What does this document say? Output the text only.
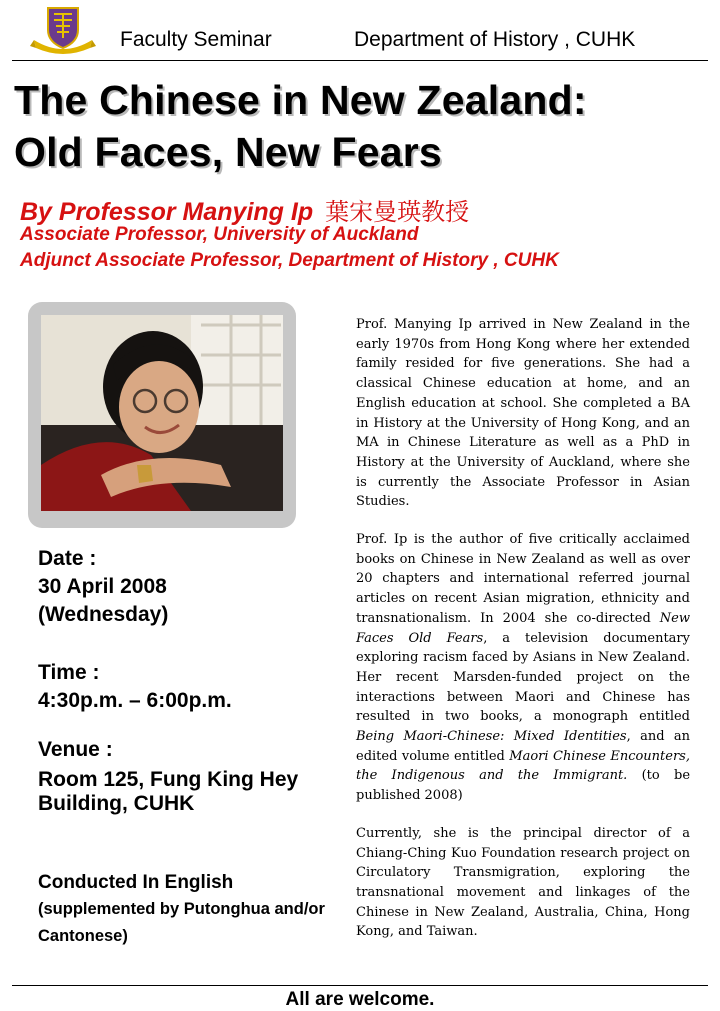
Faculty Seminar	Department of History , CUHK
The Chinese in New Zealand:
Old Faces, New Fears
By Professor Manying Ip 葉宋曼瑛教授
Associate Professor, University of Auckland
Adjunct Associate Professor, Department of History , CUHK
Date :
30 April 2008
(Wednesday)
Time :
4:30p.m. – 6:00p.m.
Venue :
Room 125, Fung King Hey
Building, CUHK
Conducted In English
(supplemented by Putonghua and/or Cantonese)

Prof. Manying Ip arrived in New Zealand in the early 1970s from Hong Kong where her extended family resided for five generations. She had a classical Chinese education at home, and an English education at school. She completed a BA in History at the University of Hong Kong, and an MA in Chinese Literature as well as a PhD in History at the University of Auckland, where she is currently the Associate Professor in Asian Studies.

Prof. Ip is the author of five critically acclaimed books on Chinese in New Zealand as well as over 20 chapters and international referred journal articles on recent Asian migration, ethnicity and transnationalism. In 2004 she co-directed New Faces Old Fears, a television documentary exploring racism faced by Asians in New Zealand. Her recent Marsden-funded project on the interactions between Maori and Chinese has resulted in two books, a monograph entitled Being Maori-Chinese: Mixed Identities, and an edited volume entitled Maori Chinese Encounters, the Indigenous and the Immigrant. (to be published 2008)

Currently, she is the principal director of a Chiang-Ching Kuo Foundation research project on Circulatory Transmigration, exploring the transnational movement and linkages of the Chinese in New Zealand, Australia, China, Hong Kong, and Taiwan.

All are welcome.
